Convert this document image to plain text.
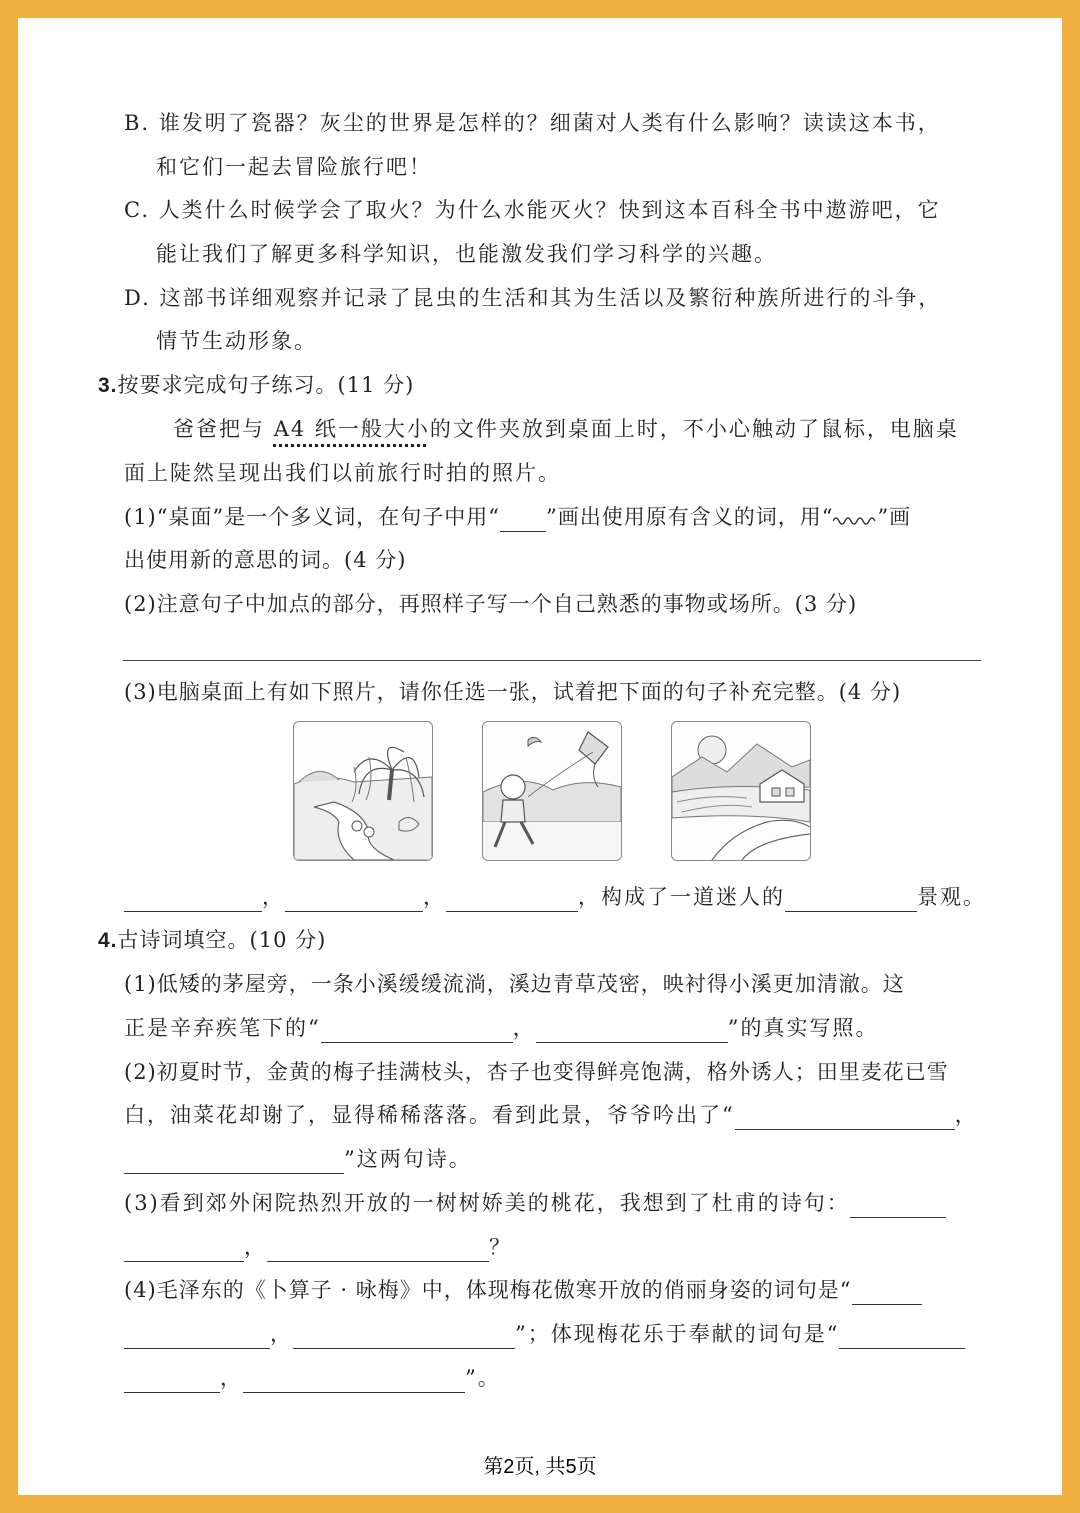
B. 谁发明了瓷器？灰尘的世界是怎样的？细菌对人类有什么影响？读读这本书，
和它们一起去冒险旅行吧！
C. 人类什么时候学会了取火？为什么水能灭火？快到这本百科全书中遨游吧，它
能让我们了解更多科学知识，也能激发我们学习科学的兴趣。
D. 这部书详细观察并记录了昆虫的生活和其为生活以及繁衍种族所进行的斗争，
情节生动形象。
3.按要求完成句子练习。(11 分)
爸爸把与 A4 纸一般大小的文件夹放到桌面上时，不小心触动了鼠标，电脑桌
面上陡然呈现出我们以前旅行时拍的照片。
(1)“桌面”是一个多义词，在句子中用“ ”画出使用原有含义的词，用“ ”画
出使用新的意思的词。(4 分)
(2)注意句子中加点的部分，再照样子写一个自己熟悉的事物或场所。(3 分)
(3)电脑桌面上有如下照片，请你任选一张，试着把下面的句子补充完整。(4 分)
，	，	，构成了一道迷人的	景观。
4.古诗词填空。(10 分)
(1)低矮的茅屋旁，一条小溪缓缓流淌，溪边青草茂密，映衬得小溪更加清澈。这
正是辛弃疾笔下的“	，	”的真实写照。
(2)初夏时节，金黄的梅子挂满枝头，杏子也变得鲜亮饱满，格外诱人；田里麦花已雪
白，油菜花却谢了，显得稀稀落落。看到此景，爷爷吟出了“	，
”这两句诗。
(3)看到郊外闲院热烈开放的一树树娇美的桃花，我想到了杜甫的诗句：
，	？
(4)毛泽东的《卜算子 · 咏梅》中，体现梅花傲寒开放的俏丽身姿的词句是“
，	”；体现梅花乐于奉献的词句是“
，	”。
第2页, 共5页
